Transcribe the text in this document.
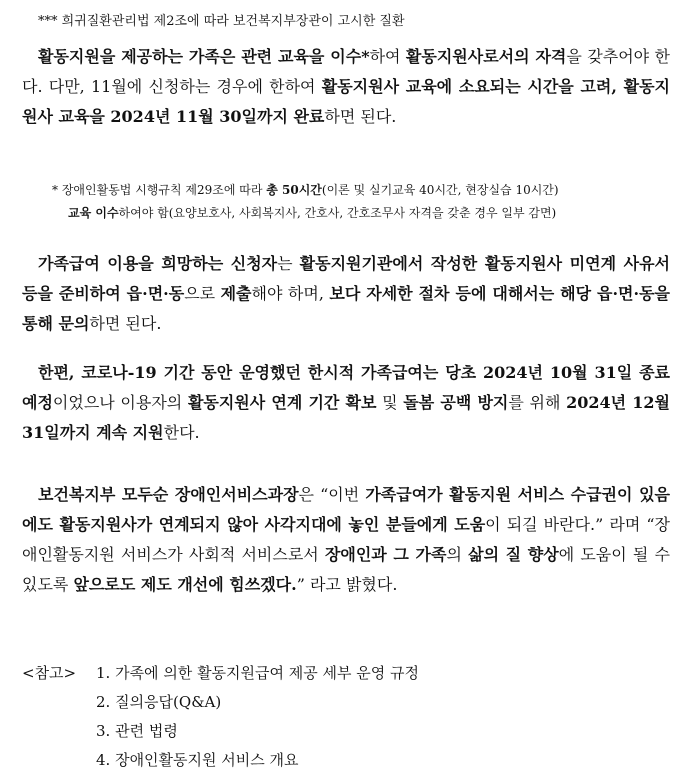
*** 희귀질환관리법 제2조에 따라 보건복지부장관이 고시한 질환
활동지원을 제공하는 가족은 관련 교육을 이수*하여 활동지원사로서의 자격을 갖추어야 한다. 다만, 11월에 신청하는 경우에 한하여 활동지원사 교육에 소요되는 시간을 고려, 활동지원사 교육을 2024년 11월 30일까지 완료하면 된다.
* 장애인활동법 시행규칙 제29조에 따라 총 50시간(이론 및 실기교육 40시간, 현장실습 10시간)
교육 이수하여야 함(요양보호사, 사회복지사, 간호사, 간호조무사 자격을 갖춘 경우 일부 감면)
가족급여 이용을 희망하는 신청자는 활동지원기관에서 작성한 활동지원사 미연계 사유서 등을 준비하여 읍·면·동으로 제출해야 하며, 보다 자세한 절차 등에 대해서는 해당 읍·면·동을 통해 문의하면 된다.
한편, 코로나-19 기간 동안 운영했던 한시적 가족급여는 당초 2024년 10월 31일 종료 예정이었으나 이용자의 활동지원사 연계 기간 확보 및 돌봄 공백 방지를 위해 2024년 12월 31일까지 계속 지원한다.
보건복지부 모두순 장애인서비스과장은 “이번 가족급여가 활동지원 서비스 수급권이 있음에도 활동지원사가 연계되지 않아 사각지대에 놓인 분들에게 도움이 되길 바란다.” 라며 “장애인활동지원 서비스가 사회적 서비스로서 장애인과 그 가족의 삶의 질 향상에 도움이 될 수 있도록 앞으로도 제도 개선에 힘쓰겠다.” 라고 밝혔다.
<참고> 1. 가족에 의한 활동지원급여 제공 세부 운영 규정
2. 질의응답(Q&A)
3. 관련 법령
4. 장애인활동지원 서비스 개요
